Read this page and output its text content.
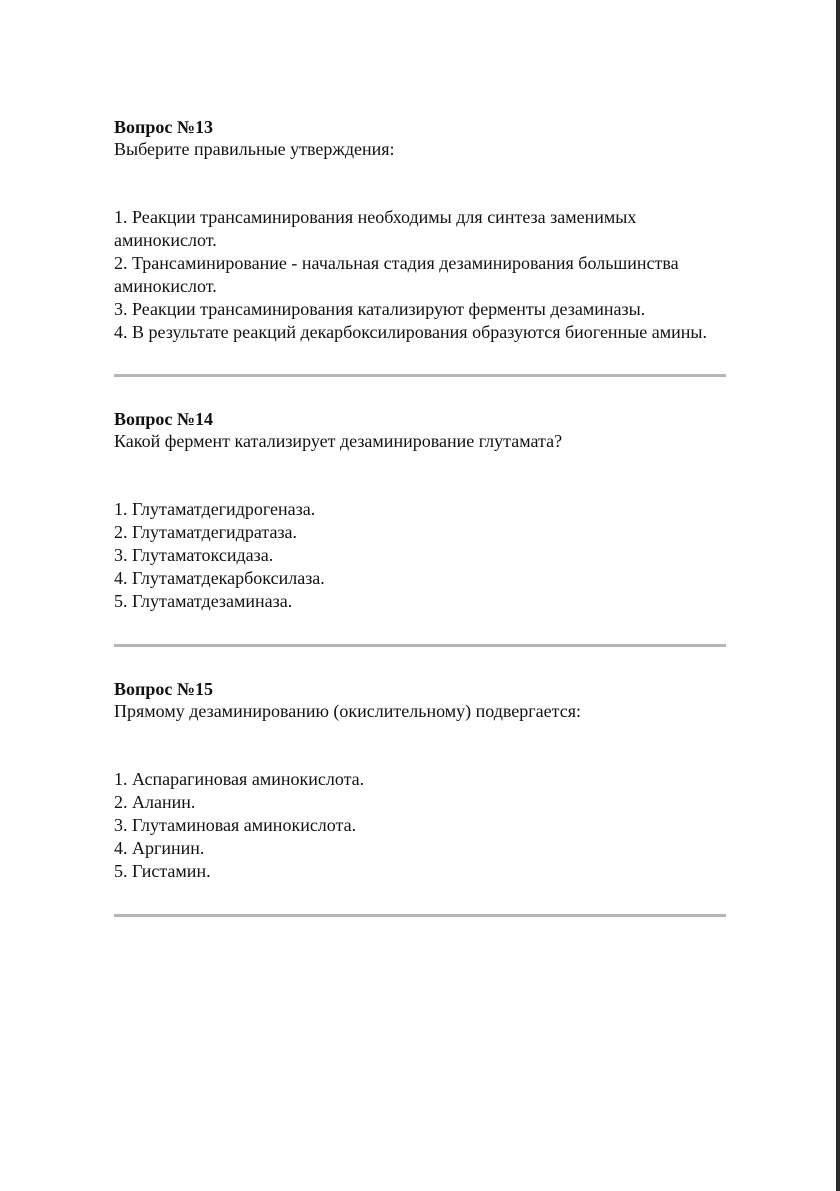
Вопрос №13

Выберите правильные утверждения:

1. Реакции трансаминирования необходимы для синтеза заменимых аминокислот.
2. Трансаминирование - начальная стадия дезаминирования большинства аминокислот.
3. Реакции трансаминирования катализируют ферменты дезаминазы.
4. В результате реакций декарбоксилирования образуются биогенные амины.

Вопрос №14

Какой фермент катализирует дезаминирование глутамата?

1. Глутаматдегидрогеназа.
2. Глутаматдегидратаза.
3. Глутаматоксидаза.
4. Глутаматдекарбоксилаза.
5. Глутаматдезаминаза.

Вопрос №15

Прямому дезаминированию (окислительному) подвергается:

1. Аспарагиновая аминокислота.
2. Аланин.
3. Глутаминовая аминокислота.
4. Аргинин.
5. Гистамин.
